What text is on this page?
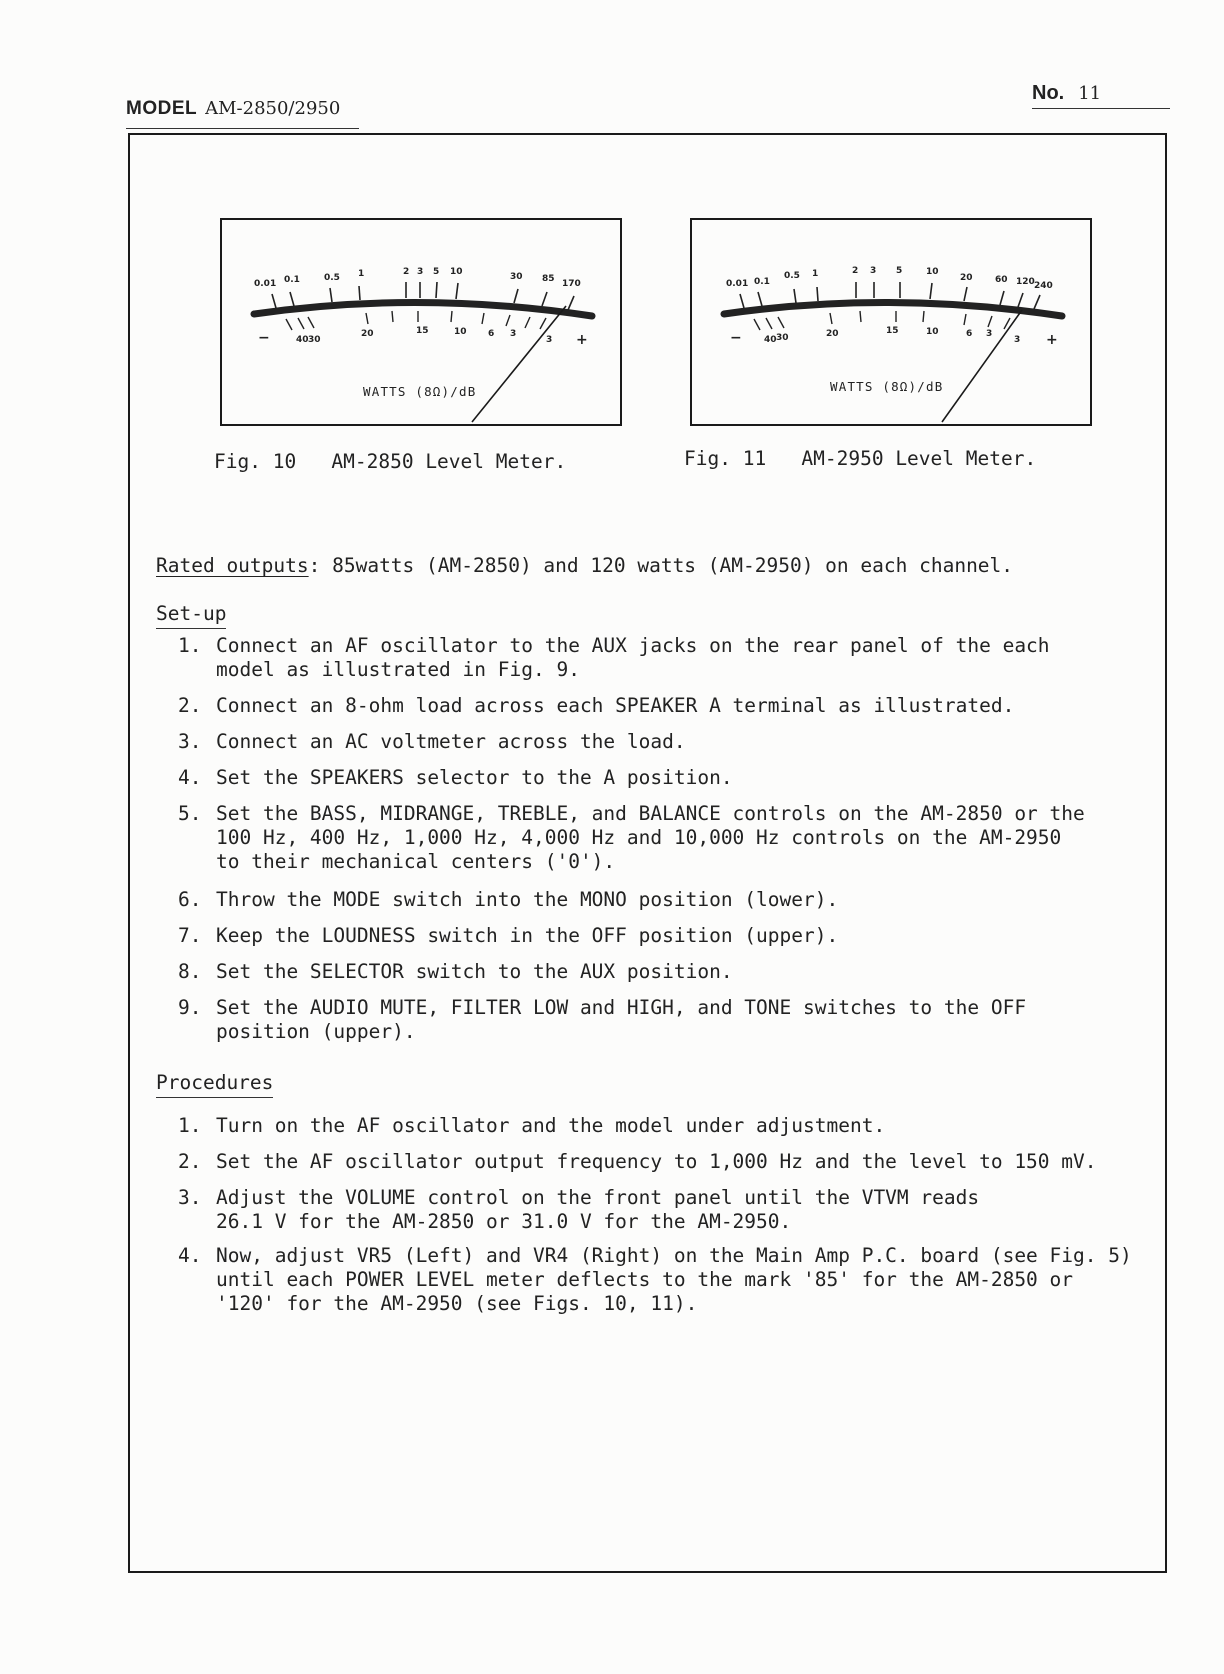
MODEL AM-2850/2950
No. 11
0.01 0.1	0.5 1	2 3 5 10	30 85 170
40 30
20	15	10 6 3
3
−	+
WATTS (8Ω)/dB
Fig. 10   AM-2850 Level Meter.
0.01 0.1
0.5 1	2 3 5	10
20 60 120 240
40 30	20	15	10	6 3
3
−	+
WATTS (8Ω)/dB
Fig. 11   AM-2950 Level Meter.
Rated outputs: 85watts (AM-2850) and 120 watts (AM-2950) on each channel.
Set-up
1. Connect an AF oscillator to the AUX jacks on the rear panel of the each
model as illustrated in Fig. 9.
2. Connect an 8-ohm load across each SPEAKER A terminal as illustrated.
3. Connect an AC voltmeter across the load.
4. Set the SPEAKERS selector to the A position.
5. Set the BASS, MIDRANGE, TREBLE, and BALANCE controls on the AM-2850 or the
100 Hz, 400 Hz, 1,000 Hz, 4,000 Hz and 10,000 Hz controls on the AM-2950
to their mechanical centers ('0').
6. Throw the MODE switch into the MONO position (lower).
7. Keep the LOUDNESS switch in the OFF position (upper).
8. Set the SELECTOR switch to the AUX position.
9. Set the AUDIO MUTE, FILTER LOW and HIGH, and TONE switches to the OFF
position (upper).
Procedures
1. Turn on the AF oscillator and the model under adjustment.
2. Set the AF oscillator output frequency to 1,000 Hz and the level to 150 mV.
3. Adjust the VOLUME control on the front panel until the VTVM reads
26.1 V for the AM-2850 or 31.0 V for the AM-2950.
4. Now, adjust VR5 (Left) and VR4 (Right) on the Main Amp P.C. board (see Fig. 5)
until each POWER LEVEL meter deflects to the mark '85' for the AM-2850 or
'120' for the AM-2950 (see Figs. 10, 11).
